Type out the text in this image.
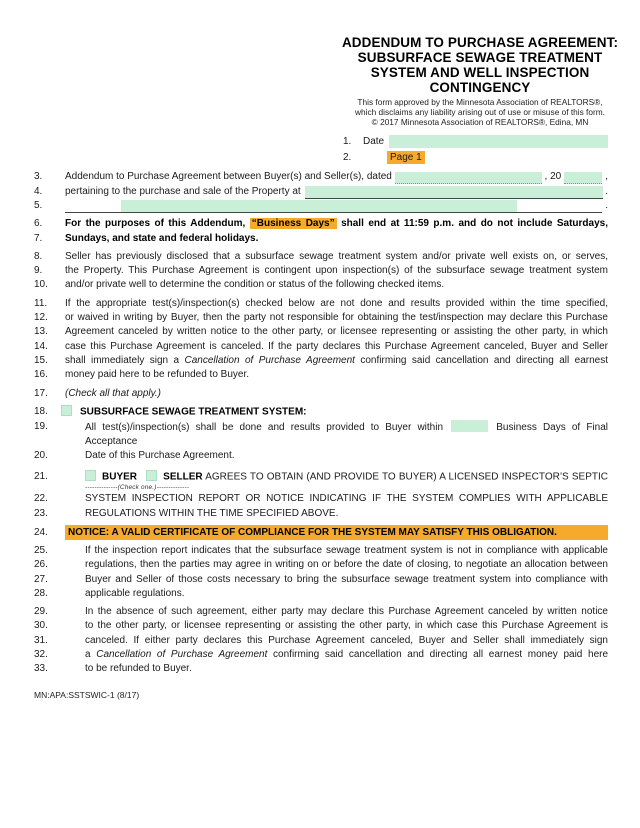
ADDENDUM TO PURCHASE AGREEMENT:
SUBSURFACE SEWAGE TREATMENT
SYSTEM AND WELL INSPECTION
CONTINGENCY
This form approved by the Minnesota Association of REALTORS®,
which disclaims any liability arising out of use or misuse of this form.
© 2017 Minnesota Association of REALTORS®, Edina, MN
1.	Date
2.	Page 1
3.	Addendum to Purchase Agreement between Buyer(s) and Seller(s), dated	, 20	,
4.	pertaining to the purchase and sale of the Property at	.
5.	.
6.	For the purposes of this Addendum, “Business Days” shall end at 11:59 p.m. and do not include Saturdays,
7.	Sundays, and state and federal holidays.
8.	Seller has previously disclosed that a subsurface sewage treatment system and/or private well exists on, or serves,
9.	the Property. This Purchase Agreement is contingent upon inspection(s) of the subsurface sewage treatment system
10.	and/or private well to determine the condition or status of the following checked items.
11.	If the appropriate test(s)/inspection(s) checked below are not done and results provided within the time specified,
12.	or waived in writing by Buyer, then the party not responsible for obtaining the test/inspection may declare this Purchase
13.	Agreement canceled by written notice to the other party, or licensee representing or assisting the other party, in which
14.	case this Purchase Agreement is canceled. If the party declares this Purchase Agreement canceled, Buyer and Seller
15.	shall immediately sign a Cancellation of Purchase Agreement confirming said cancellation and directing all earnest
16.	money paid here to be refunded to Buyer.
17.	(Check all that apply.)
18.	SUBSURFACE SEWAGE TREATMENT SYSTEM:
19.	All test(s)/inspection(s) shall be done and results provided to Buyer within	Business Days of Final Acceptance
20.	Date of this Purchase Agreement.
21.	BUYER	SELLER AGREES TO OBTAIN (AND PROVIDE TO BUYER) A LICENSED INSPECTOR’S SEPTIC
--------------(Check one.)--------------
22.	SYSTEM INSPECTION REPORT OR NOTICE INDICATING IF THE SYSTEM COMPLIES WITH APPLICABLE
23.	REGULATIONS WITHIN THE TIME SPECIFIED ABOVE.
24.	NOTICE: A VALID CERTIFICATE OF COMPLIANCE FOR THE SYSTEM MAY SATISFY THIS OBLIGATION.
25.	If the inspection report indicates that the subsurface sewage treatment system is not in compliance with applicable
26.	regulations, then the parties may agree in writing on or before the date of closing, to negotiate an allocation between
27.	Buyer and Seller of those costs necessary to bring the subsurface sewage treatment system into compliance with
28.	applicable regulations.
29.	In the absence of such agreement, either party may declare this Purchase Agreement canceled by written notice
30.	to the other party, or licensee representing or assisting the other party, in which case this Purchase Agreement is
31.	canceled. If either party declares this Purchase Agreement canceled, Buyer and Seller shall immediately sign
32.	a Cancellation of Purchase Agreement confirming said cancellation and directing all earnest money paid here
33.	to be refunded to Buyer.
MN:APA:SSTSWIC-1 (8/17)
